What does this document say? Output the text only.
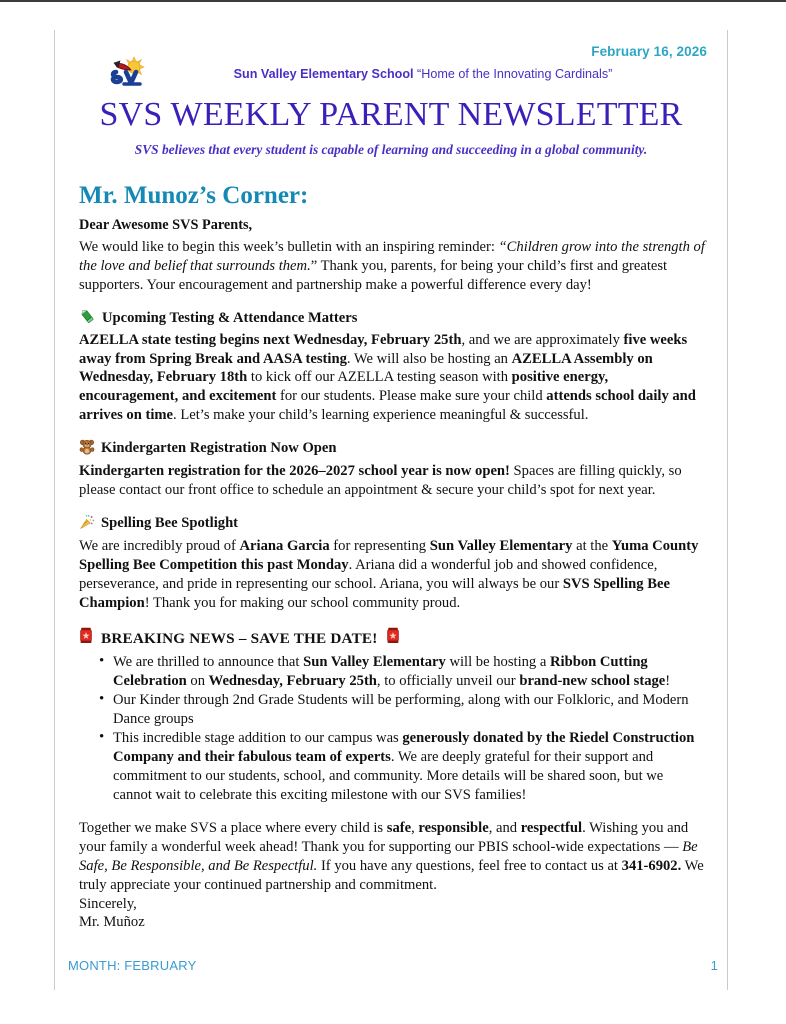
February 16, 2026
Sun Valley Elementary School “Home of the Innovating Cardinals”
SVS WEEKLY PARENT NEWSLETTER
SVS believes that every student is capable of learning and succeeding in a global community.
Mr. Munoz’s Corner:
Dear Awesome SVS Parents,

We would like to begin this week’s bulletin with an inspiring reminder: “Children grow into the strength of the love and belief that surrounds them.” Thank you, parents, for being your child’s first and greatest supporters. Your encouragement and partnership make a powerful difference every day!

Upcoming Testing & Attendance Matters

AZELLA state testing begins next Wednesday, February 25th, and we are approximately five weeks away from Spring Break and AASA testing. We will also be hosting an AZELLA Assembly on Wednesday, February 18th to kick off our AZELLA testing season with positive energy, encouragement, and excitement for our students. Please make sure your child attends school daily and arrives on time. Let’s make your child’s learning experience meaningful & successful.

Kindergarten Registration Now Open

Kindergarten registration for the 2026–2027 school year is now open! Spaces are filling quickly, so please contact our front office to schedule an appointment & secure your child’s spot for next year.

Spelling Bee Spotlight

We are incredibly proud of Ariana Garcia for representing Sun Valley Elementary at the Yuma County Spelling Bee Competition this past Monday. Ariana did a wonderful job and showed confidence, perseverance, and pride in representing our school. Ariana, you will always be our SVS Spelling Bee Champion! Thank you for making our school community proud.

BREAKING NEWS – SAVE THE DATE!
• We are thrilled to announce that Sun Valley Elementary will be hosting a Ribbon Cutting Celebration on Wednesday, February 25th, to officially unveil our brand-new school stage!
• Our Kinder through 2nd Grade Students will be performing, along with our Folkloric, and Modern Dance groups
• This incredible stage addition to our campus was generously donated by the Riedel Construction Company and their fabulous team of experts. We are deeply grateful for their support and commitment to our students, school, and community. More details will be shared soon, but we cannot wait to celebrate this exciting milestone with our SVS families!

Together we make SVS a place where every child is safe, responsible, and respectful. Wishing you and your family a wonderful week ahead! Thank you for supporting our PBIS school-wide expectations — Be Safe, Be Responsible, and Be Respectful. If you have any questions, feel free to contact us at 341-6902. We truly appreciate your continued partnership and commitment.

Sincerely,
Mr. Muñoz
MONTH: FEBRUARY	1
